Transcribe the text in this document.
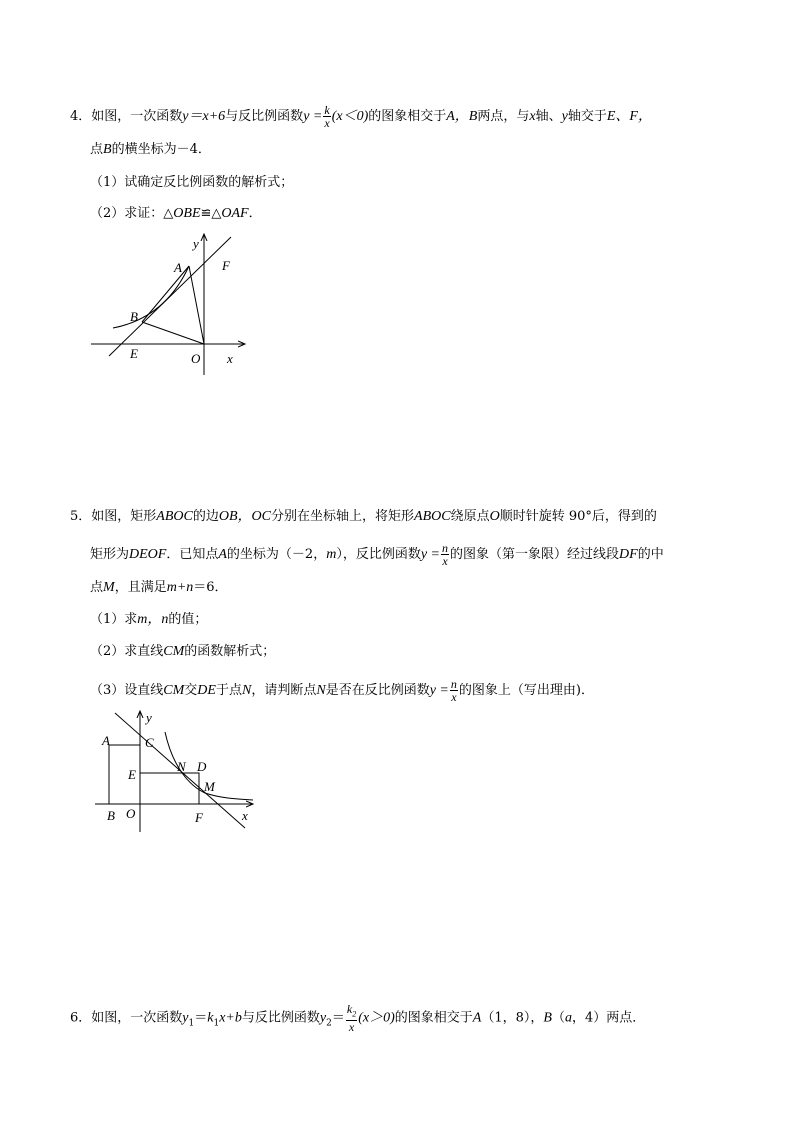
4．如图，一次函数y＝x+6与反比例函数$y = \frac{k}{x} (x<0)$的图象相交于A，B两点，与x轴、y轴交于E、F，
点B的横坐标为－4．
（1）试确定反比例函数的解析式；
（2）求证：△OBE≌△OAF．
y
A	F
B
E	O x
5．如图，矩形ABOC的边OB，OC分别在坐标轴上，将矩形ABOC绕原点O顺时针旋转 90°后，得到的
矩形为DEOF．已知点A的坐标为（－2，m），反比例函数$y = \frac{n}{x}$ 的图象（第一象限）经过线段DF的中
点M，且满足m+n＝6．
（1）求m，n的值；
（2）求直线CM的函数解析式；
（3）设直线CM交DE于点N，请判断点N是否在反比例函数$y = \frac{n}{x}$ 的图象上（写出理由)．
y
A	C
E
N D
M
B O	F	x
6．如图，一次函数$y_1=k_1x+b$与反比例函数$y_2= \frac{k_2}{x} (x>0)$的图象相交于A（1，8），B（a，4）两点．
